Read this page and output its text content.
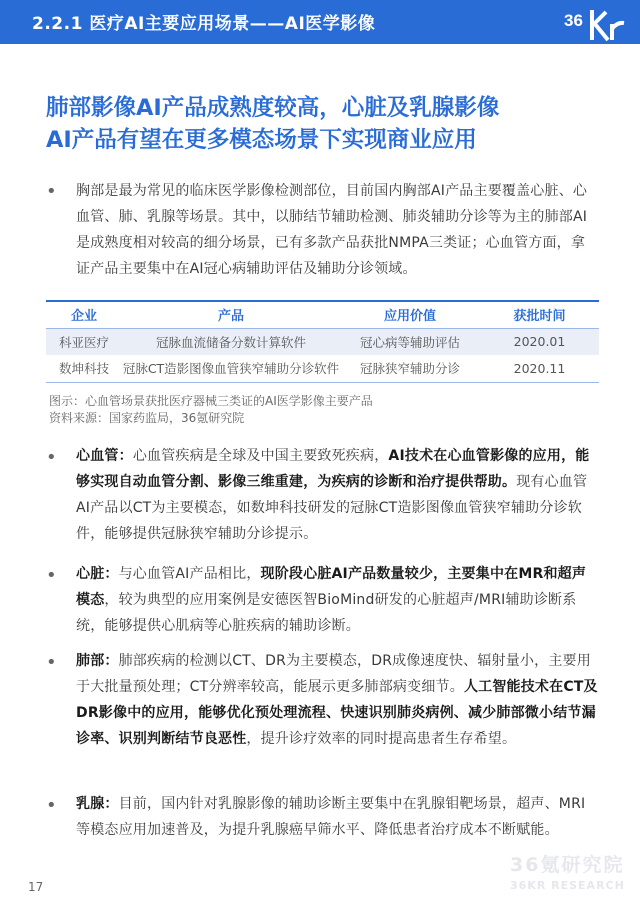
2.2.1 医疗AI主要应用场景——AI医学影像	36
肺部影像AI产品成熟度较高，心脏及乳腺影像
AI产品有望在更多模态场景下实现商业应用
• 胸部是最为常见的临床医学影像检测部位，目前国内胸部AI产品主要覆盖心脏、心血管、肺、乳腺等场景。其中，以肺结节辅助检测、肺炎辅助分诊等为主的肺部AI是成熟度相对较高的细分场景，已有多款产品获批NMPA三类证；心血管方面，拿证产品主要集中在AI冠心病辅助评估及辅助分诊领域。
企业	产品	应用价值	获批时间
科亚医疗	冠脉血流储备分数计算软件	冠心病等辅助评估	2020.01
数坤科技	冠脉CT造影图像血管狭窄辅助分诊软件	冠脉狭窄辅助分诊	2020.11
图示：心血管场景获批医疗器械三类证的AI医学影像主要产品
资料来源：国家药监局，36氪研究院
• 心血管：心血管疾病是全球及中国主要致死疾病，AI技术在心血管影像的应用，能够实现自动血管分割、影像三维重建，为疾病的诊断和治疗提供帮助。现有心血管AI产品以CT为主要模态，如数坤科技研发的冠脉CT造影图像血管狭窄辅助分诊软件，能够提供冠脉狭窄辅助分诊提示。
• 心脏：与心血管AI产品相比，现阶段心脏AI产品数量较少，主要集中在MR和超声模态，较为典型的应用案例是安德医智BioMind研发的心脏超声/MRI辅助诊断系统，能够提供心肌病等心脏疾病的辅助诊断。
• 肺部：肺部疾病的检测以CT、DR为主要模态，DR成像速度快、辐射量小，主要用于大批量预处理；CT分辨率较高，能展示更多肺部病变细节。人工智能技术在CT及DR影像中的应用，能够优化预处理流程、快速识别肺炎病例、减少肺部微小结节漏诊率、识别判断结节良恶性，提升诊疗效率的同时提高患者生存希望。
• 乳腺：目前，国内针对乳腺影像的辅助诊断主要集中在乳腺钼靶场景，超声、MRI等模态应用加速普及，为提升乳腺癌早筛水平、降低患者治疗成本不断赋能。
17
36氪研究院
36KR RESEARCH
